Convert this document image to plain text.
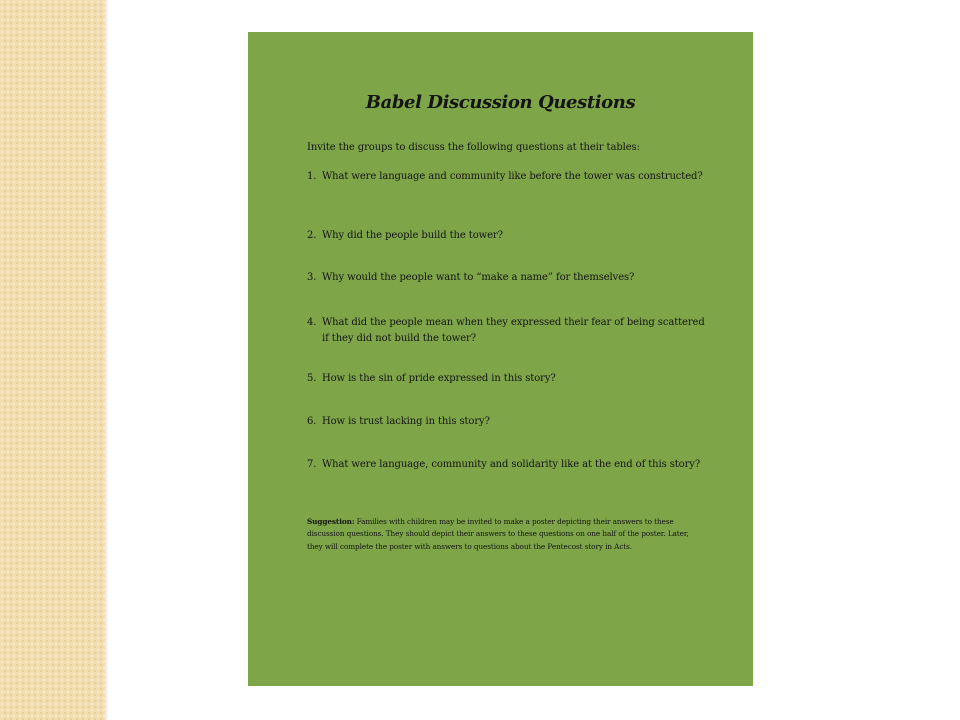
Babel Discussion Questions

Invite the groups to discuss the following questions at their tables:

1. What were language and community like before the tower was constructed?
2. Why did the people build the tower?
3. Why would the people want to “make a name” for themselves?
4. What did the people mean when they expressed their fear of being scattered if they did not build the tower?
5. How is the sin of pride expressed in this story?
6. How is trust lacking in this story?
7. What were language, community and solidarity like at the end of this story?

Suggestion: Families with children may be invited to make a poster depicting their answers to these discussion questions. They should depict their answers to these questions on one half of the poster. Later, they will complete the poster with answers to questions about the Pentecost story in Acts.
